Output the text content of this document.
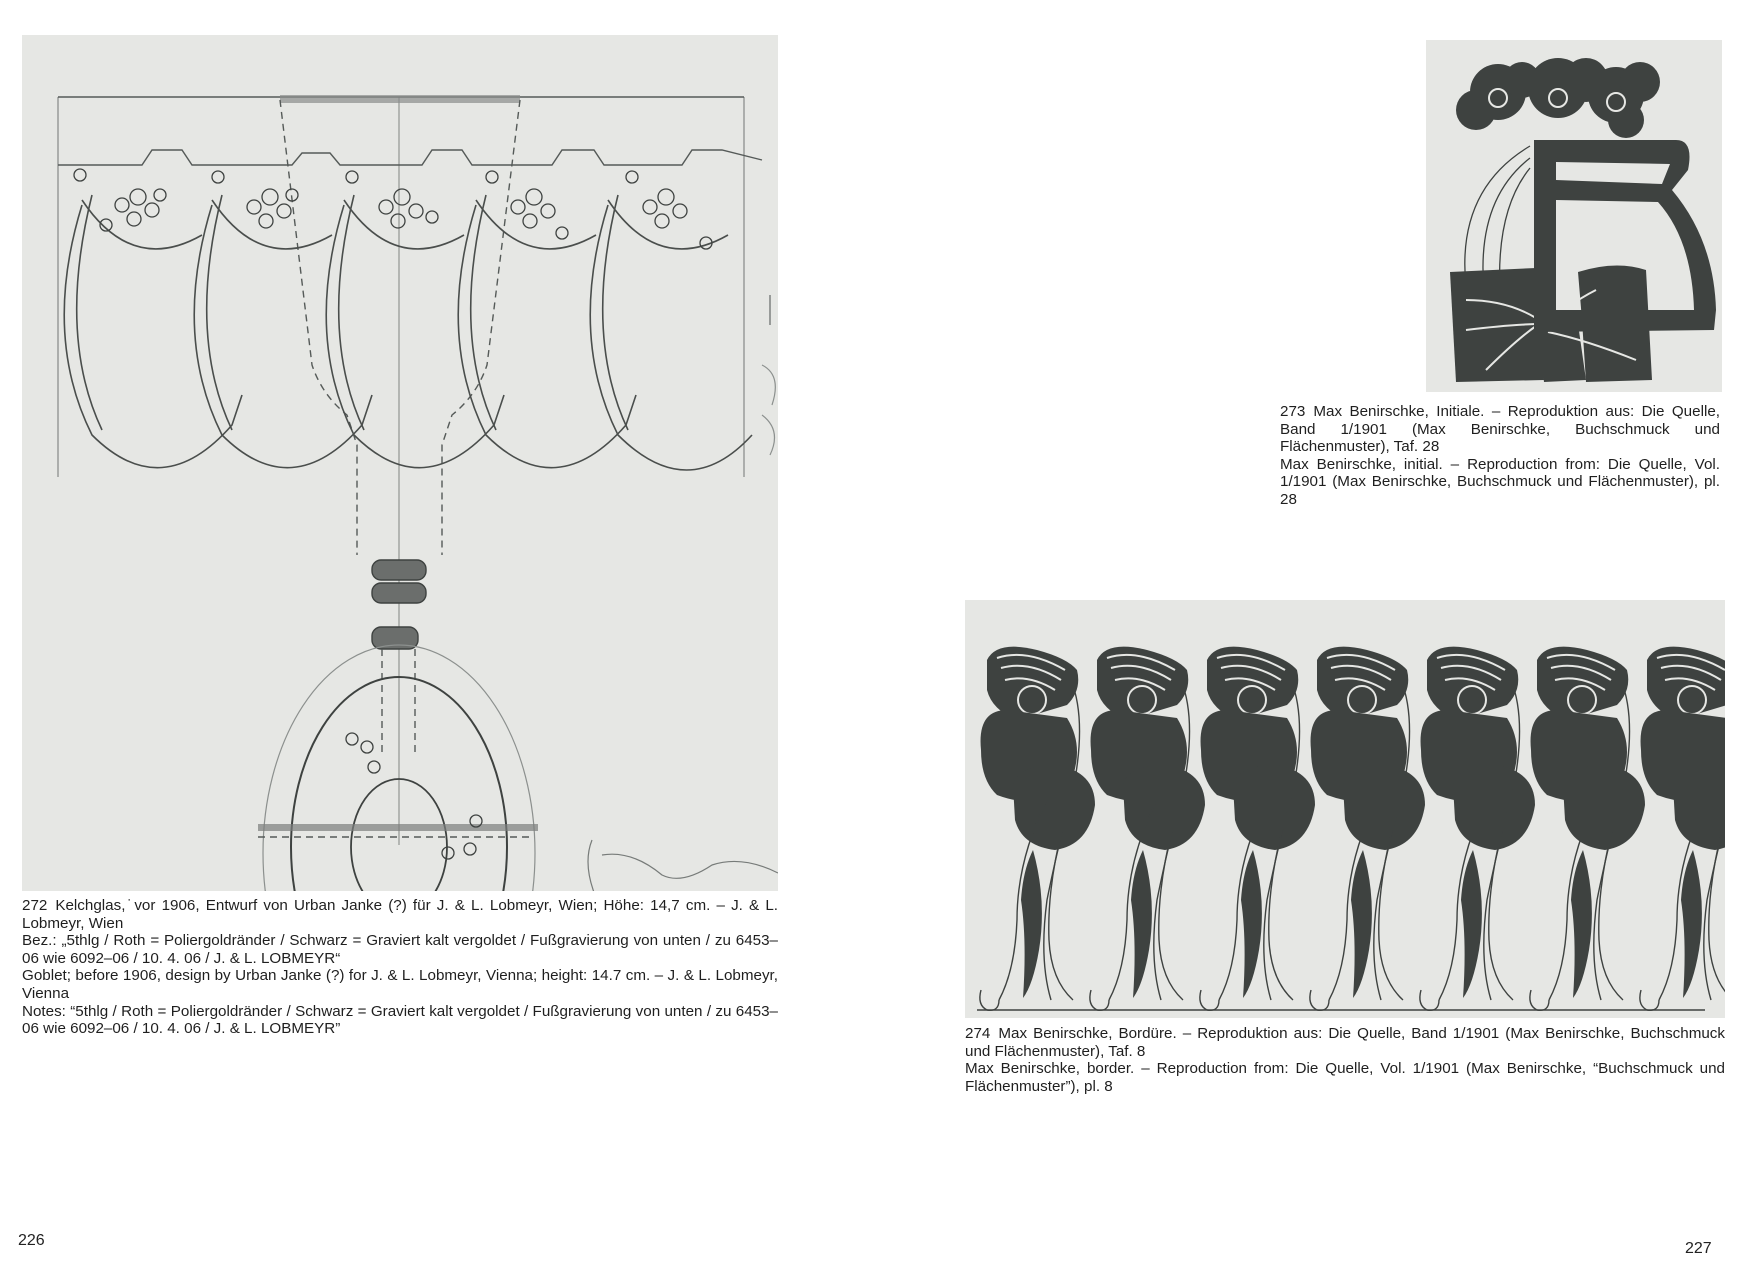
272 Kelchglas,˙vor 1906, Entwurf von Urban Janke (?) für J. & L. Lobmeyr, Wien; Höhe: 14,7 cm. – J. & L. Lobmeyr, Wien

Bez.: „5thlg / Roth = Poliergoldränder / Schwarz = Graviert kalt vergoldet / Fußgravierung von unten / zu 6453–06 wie 6092–06 / 10. 4. 06 / J. & L. LOBMEYR“

Goblet; before 1906, design by Urban Janke (?) for J. & L. Lobmeyr, Vienna; height: 14.7 cm. – J. & L. Lobmeyr, Vienna

Notes: “5thlg / Roth = Poliergoldränder / Schwarz = Graviert kalt vergoldet / Fußgravierung von unten / zu 6453–06 wie 6092–06 / 10. 4. 06 / J. & L. LOBMEYR”

226

273 Max Benirschke, Initiale. – Reproduktion aus: Die Quelle, Band 1/1901 (Max Benirschke, Buchschmuck und Flächenmuster), Taf. 28

Max Benirschke, initial. – Reproduction from: Die Quelle, Vol. 1/1901 (Max Benirschke, Buchschmuck und Flächenmuster), pl. 28

274 Max Benirschke, Bordüre. – Reproduktion aus: Die Quelle, Band 1/1901 (Max Benirschke, Buchschmuck und Flächenmuster), Taf. 8

Max Benirschke, border. – Reproduction from: Die Quelle, Vol. 1/1901 (Max Benirschke, “Buchschmuck und Flächenmuster”), pl. 8

227
